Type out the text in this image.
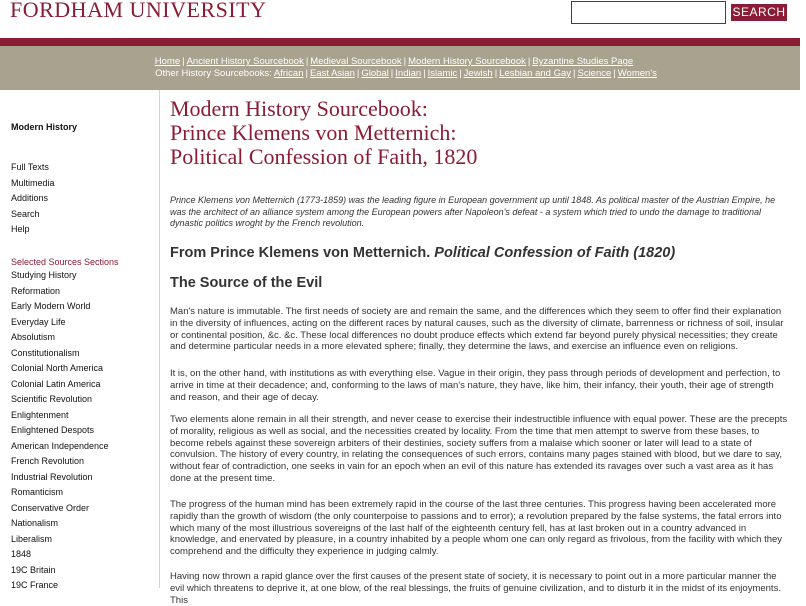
FORDHAM UNIVERSITY	SEARCH
Home | Ancient History Sourcebook | Medieval Sourcebook | Modern History Sourcebook | Byzantine Studies Page
Other History Sourcebooks: African | East Asian | Global | Indian | Islamic | Jewish | Lesbian and Gay | Science | Women's
Modern History
Full Texts
Multimedia
Additions
Search
Help
Selected Sources Sections
Studying History
Reformation
Early Modern World
Everyday Life
Absolutism
Constitutionalism
Colonial North America
Colonial Latin America
Scientific Revolution
Enlightenment
Enlightened Despots
American Independence
French Revolution
Industrial Revolution
Romanticism
Conservative Order
Nationalism
Liberalism
1848
19C Britain
19C France
Modern History Sourcebook:
Prince Klemens von Metternich:
Political Confession of Faith, 1820
Prince Klemens von Metternich (1773-1859) was the leading figure in European government up until 1848. As political master of the Austrian Empire, he was the architect of an alliance system among the European powers after Napoleon's defeat - a system which tried to undo the damage to traditional dynastic politics wroght by the French revolution.
From Prince Klemens von Metternich. Political Confession of Faith (1820)
The Source of the Evil

Man's nature is immutable. The first needs of society are and remain the same, and the differences which they seem to offer find their explanation in the diversity of influences, acting on the different races by natural causes, such as the diversity of climate, barrenness or richness of soil, insular or continental position, &c. &c. These local differences no doubt produce effects which extend far beyond purely physical necessities; they create and determine particular needs in a more elevated sphere; finally, they determine the laws, and exercise an influence even on religions.

It is, on the other hand, with institutions as with everything else. Vague in their origin, they pass through periods of development and perfection, to arrive in time at their decadence; and, conforming to the laws of man's nature, they have, like him, their infancy, their youth, their age of strength and reason, and their age of decay.

Two elements alone remain in all their strength, and never cease to exercise their indestructible influence with equal power. These are the precepts of morality, religious as well as social, and the necessities created by locality. From the time that men attempt to swerve from these bases, to become rebels against these sovereign arbiters of their destinies, society suffers from a malaise which sooner or later will lead to a state of convulsion. The history of every country, in relating the consequences of such errors, contains many pages stained with blood, but we dare to say, without fear of contradiction, one seeks in vain for an epoch when an evil of this nature has extended its ravages over such a vast area as it has done at the present time.

The progress of the human mind has been extremely rapid in the course of the last three centuries. This progress having been accelerated more rapidly than the growth of wisdom (the only counterpoise to passions and to error); a revolution prepared by the false systems, the fatal errors into which many of the most illustrious sovereigns of the last half of the eighteenth century fell, has at last broken out in a country advanced in knowledge, and enervated by pleasure, in a country inhabited by a people whom one can only regard as frivolous, from the facility with which they comprehend and the difficulty they experience in judging calmly.

Having now thrown a rapid glance over the first causes of the present state of society, it is necessary to point out in a more particular manner the evil which threatens to deprive it, at one blow, of the real blessings, the fruits of genuine civilization, and to disturb it in the midst of its enjoyments. This
